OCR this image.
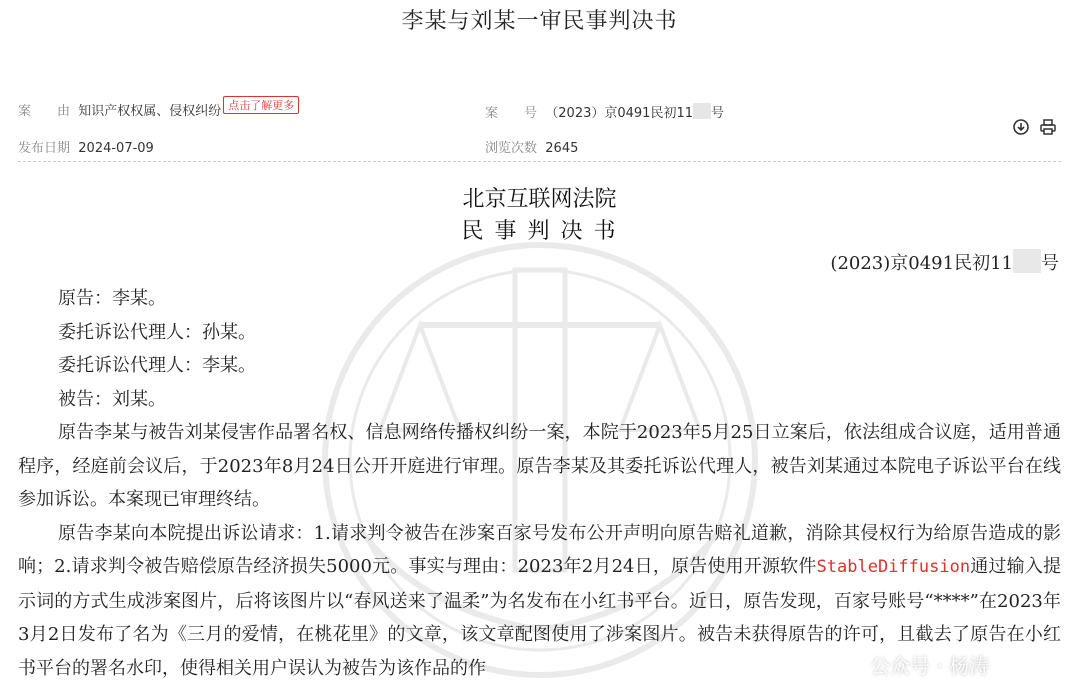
李某与刘某一审民事判决书
案　　由 知识产权权属、侵权纠纷 点击了解更多
案　　号 （2023）京0491民初11 号
发布日期 2024-07-09	浏览次数 2645

北京互联网法院
民 事 判 决 书
(2023)京0491民初11 号

原告：李某。

委托诉讼代理人：孙某。

委托诉讼代理人：李某。

被告：刘某。

原告李某与被告刘某侵害作品署名权、信息网络传播权纠纷一案，本院于2023年5月25日立案后，依法组成合议庭，适用普通程序，经庭前会议后，于2023年8月24日公开开庭进行审理。原告李某及其委托诉讼代理人，被告刘某通过本院电子诉讼平台在线参加诉讼。本案现已审理终结。

原告李某向本院提出诉讼请求：1.请求判令被告在涉案百家号发布公开声明向原告赔礼道歉，消除其侵权行为给原告造成的影响；2.请求判令被告赔偿原告经济损失5000元。事实与理由：2023年2月24日，原告使用开源软件StableDiffusion通过输入提示词的方式生成涉案图片，后将该图片以“春风送来了温柔”为名发布在小红书平台。近日，原告发现，百家号账号“****”在2023年3月2日发布了名为《三月的爱情，在桃花里》的文章，该文章配图使用了涉案图片。被告未获得原告的许可，且截去了原告在小红书平台的署名水印，使得相关用户误认为被告为该作品的作	公众号 · 杨涛
